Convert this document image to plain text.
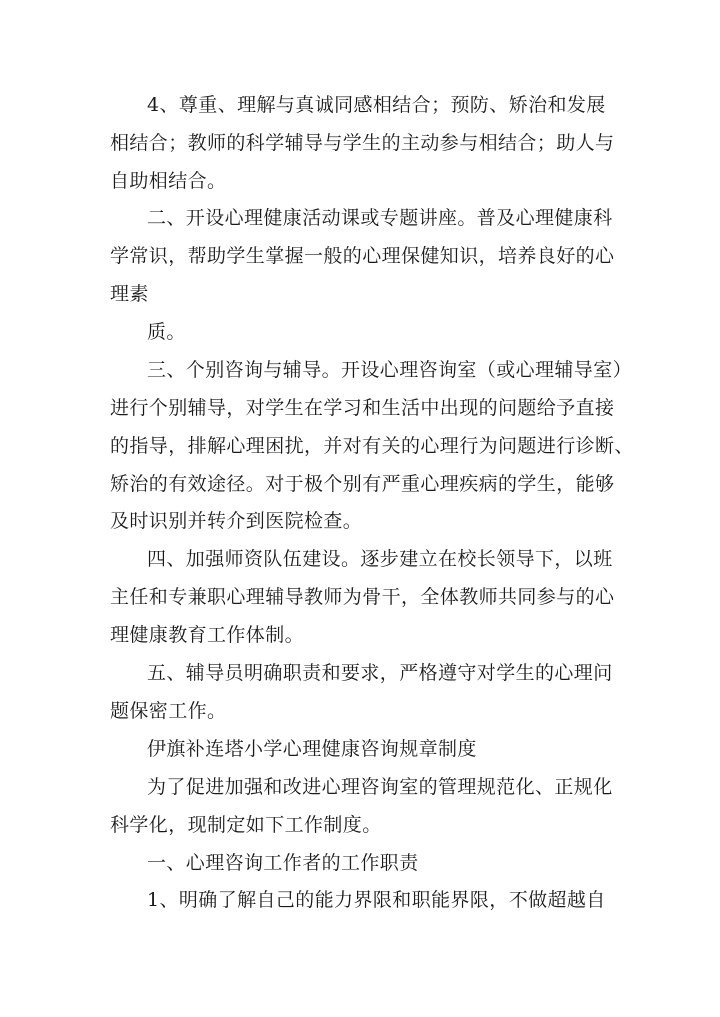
4、尊重、理解与真诚同感相结合；预防、矫治和发展
相结合；教师的科学辅导与学生的主动参与相结合；助人与
自助相结合。
二、开设心理健康活动课或专题讲座。普及心理健康科
学常识，帮助学生掌握一般的心理保健知识，培养良好的心
理素
质。
三、个别咨询与辅导。开设心理咨询室（或心理辅导室）
进行个别辅导，对学生在学习和生活中出现的问题给予直接
的指导，排解心理困扰，并对有关的心理行为问题进行诊断、
矫治的有效途径。对于极个别有严重心理疾病的学生，能够
及时识别并转介到医院检查。
四、加强师资队伍建设。逐步建立在校长领导下，以班
主任和专兼职心理辅导教师为骨干，全体教师共同参与的心
理健康教育工作体制。
五、辅导员明确职责和要求，严格遵守对学生的心理问
题保密工作。
伊旗补连塔小学心理健康咨询规章制度
为了促进加强和改进心理咨询室的管理规范化、正规化
科学化，现制定如下工作制度。
一、心理咨询工作者的工作职责
1、明确了解自己的能力界限和职能界限，不做超越自
